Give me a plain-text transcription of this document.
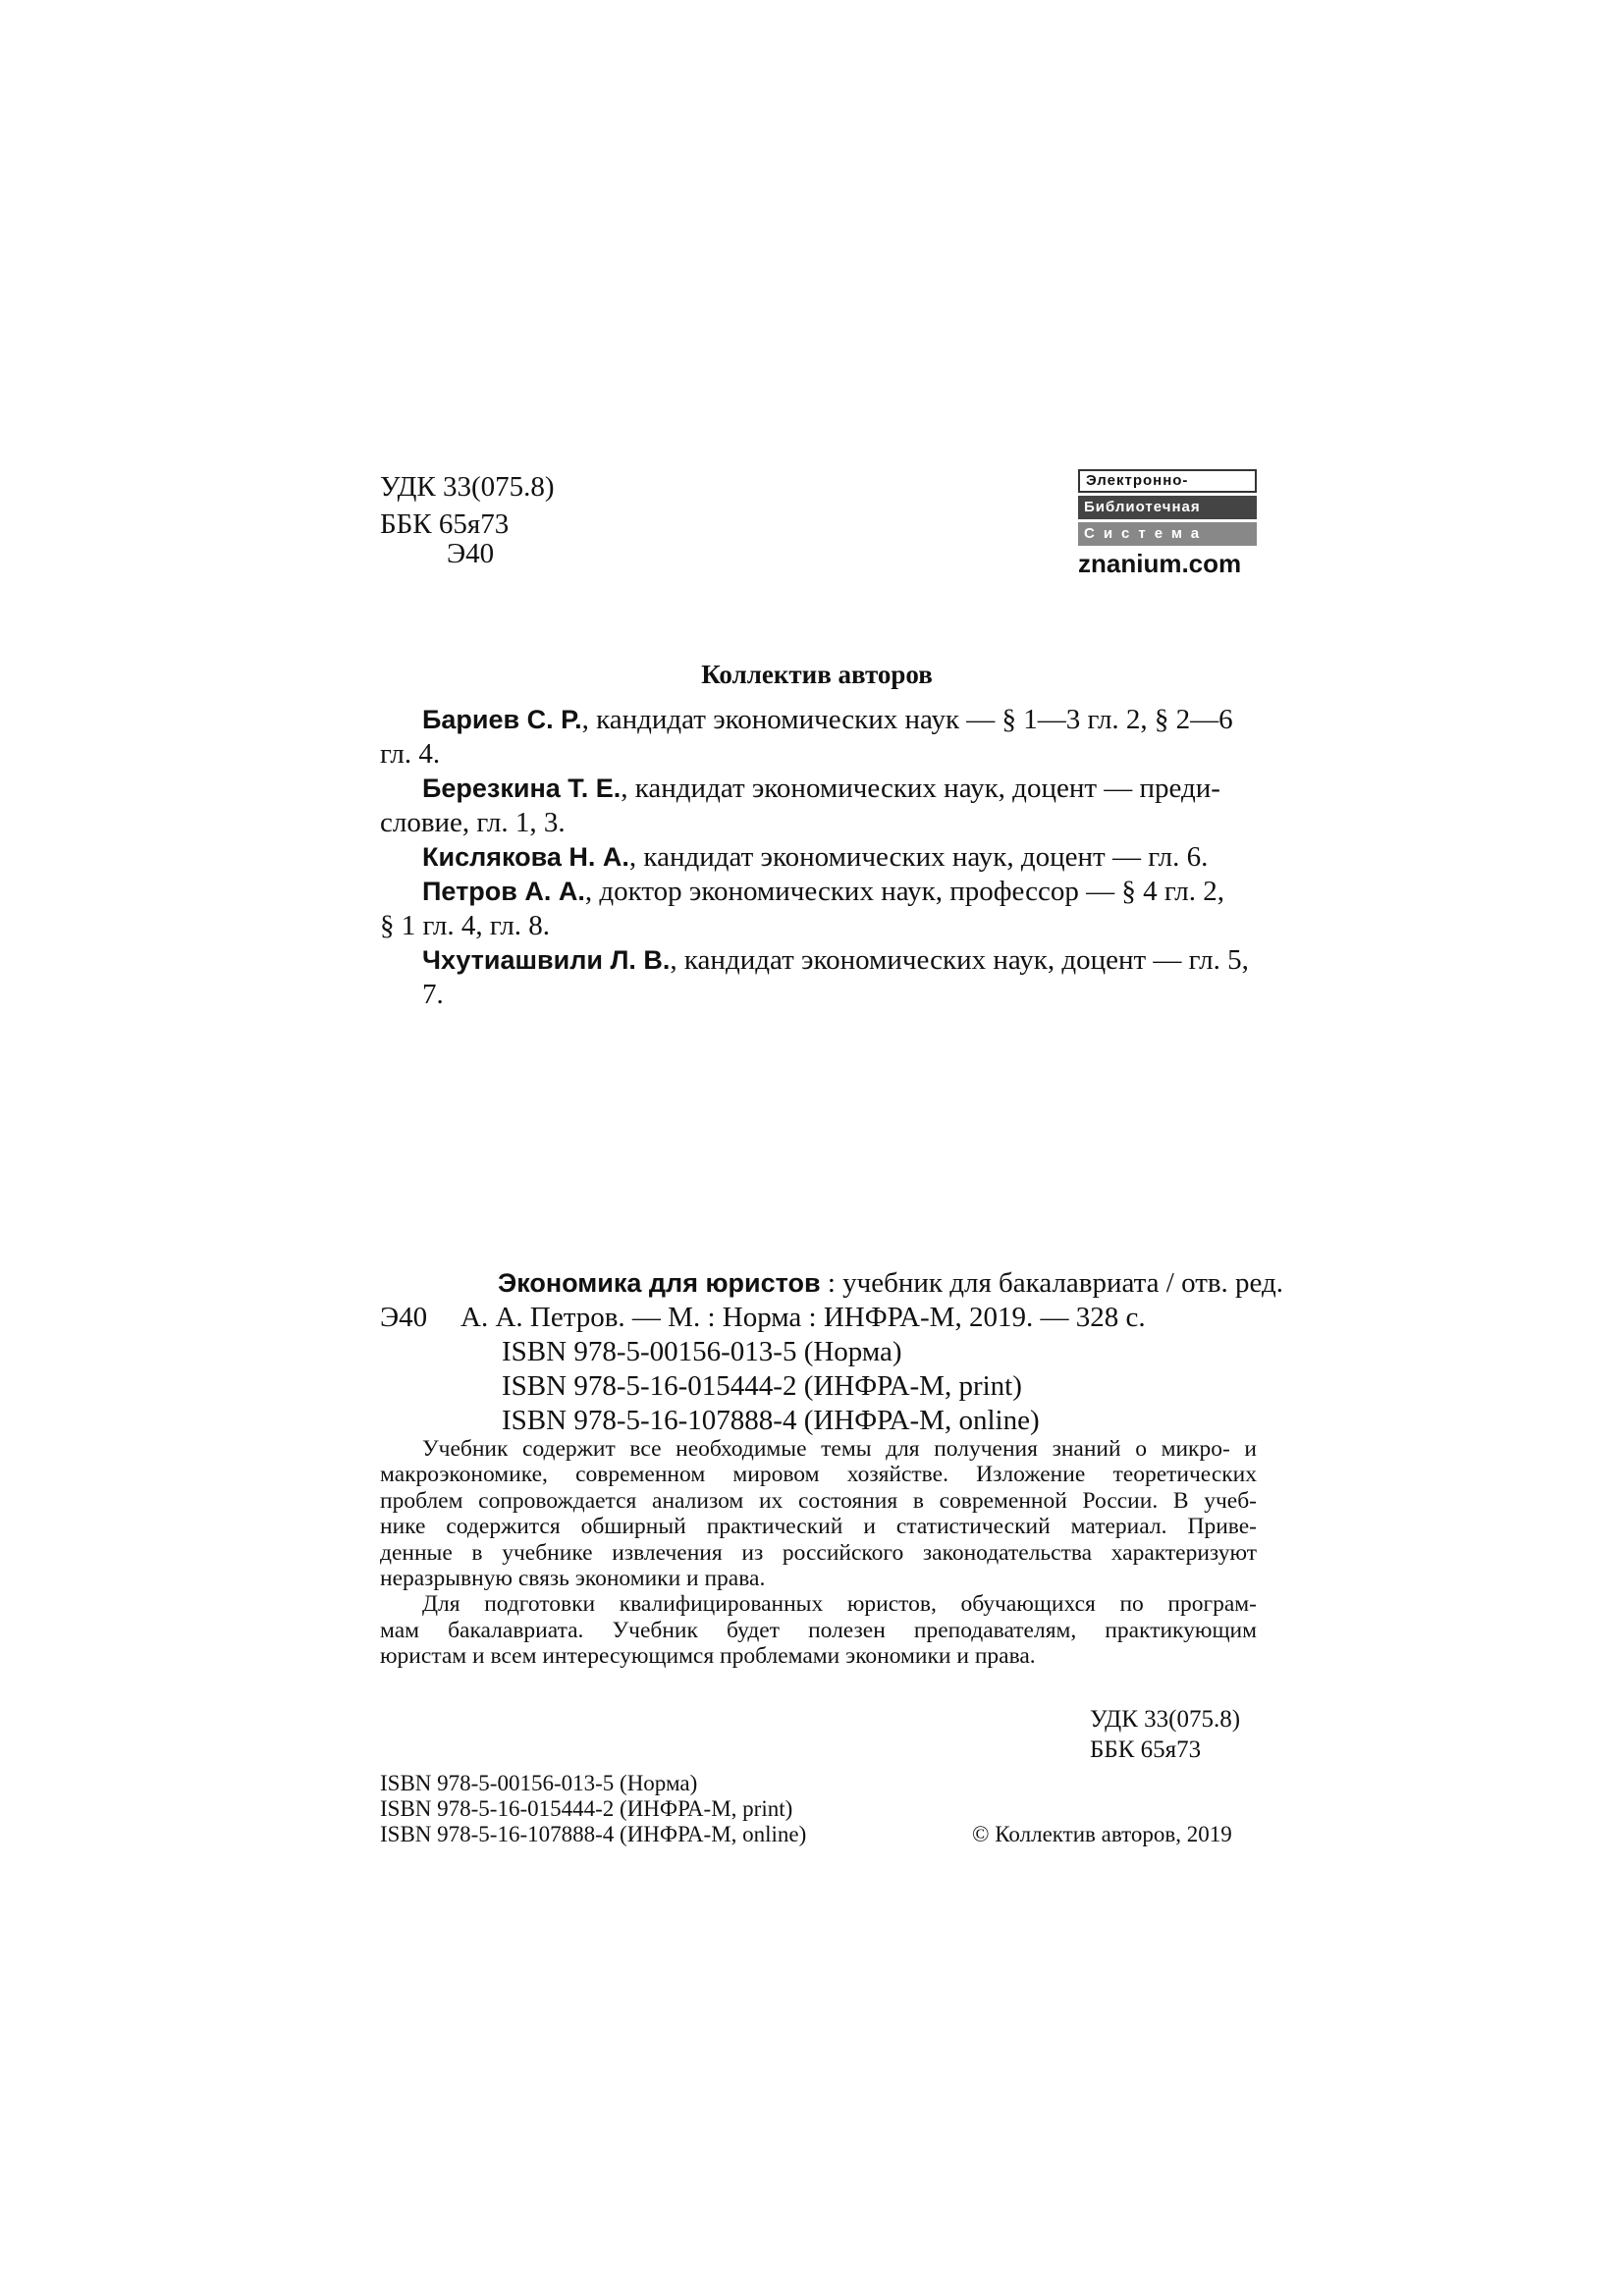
УДК 33(075.8)
ББК 65я73
Э40
Электронно-
Библиотечная
Система
znanium.com
Коллектив авторов

Бариев С. Р., кандидат экономических наук — § 1—3 гл. 2, § 2—6

гл. 4.

Березкина Т. Е., кандидат экономических наук, доцент — преди-

словие, гл. 1, 3.

Кислякова Н. А., кандидат экономических наук, доцент — гл. 6.

Петров А. А., доктор экономических наук, профессор — § 4 гл. 2,

§ 1 гл. 4, гл. 8.

Чхутиашвили Л. В., кандидат экономических наук, доцент — гл. 5, 7.

Экономика для юристов : учебник для бакалавриата / отв. ред.
Э40 А. А. Петров. — М. : Норма : ИНФРА-М, 2019. — 328 с.
ISBN 978-5-00156-013-5 (Норма)
ISBN 978-5-16-015444-2 (ИНФРА-М, print)
ISBN 978-5-16-107888-4 (ИНФРА-М, online)
Учебник содержит все необходимые темы для получения знаний о микро- и
макроэкономике, современном мировом хозяйстве. Изложение теоретических
проблем сопровождается анализом их состояния в современной России. В учеб-
нике содержится обширный практический и статистический материал. Приве-
денные в учебнике извлечения из российского законодательства характеризуют
неразрывную связь экономики и права.
Для подготовки квалифицированных юристов, обучающихся по програм-
мам бакалавриата. Учебник будет полезен преподавателям, практикующим
юристам и всем интересующимся проблемами экономики и права.
УДК 33(075.8)
ББК 65я73
ISBN 978-5-00156-013-5 (Норма)
ISBN 978-5-16-015444-2 (ИНФРА-М, print)
ISBN 978-5-16-107888-4 (ИНФРА-М, online)	© Коллектив авторов, 2019
